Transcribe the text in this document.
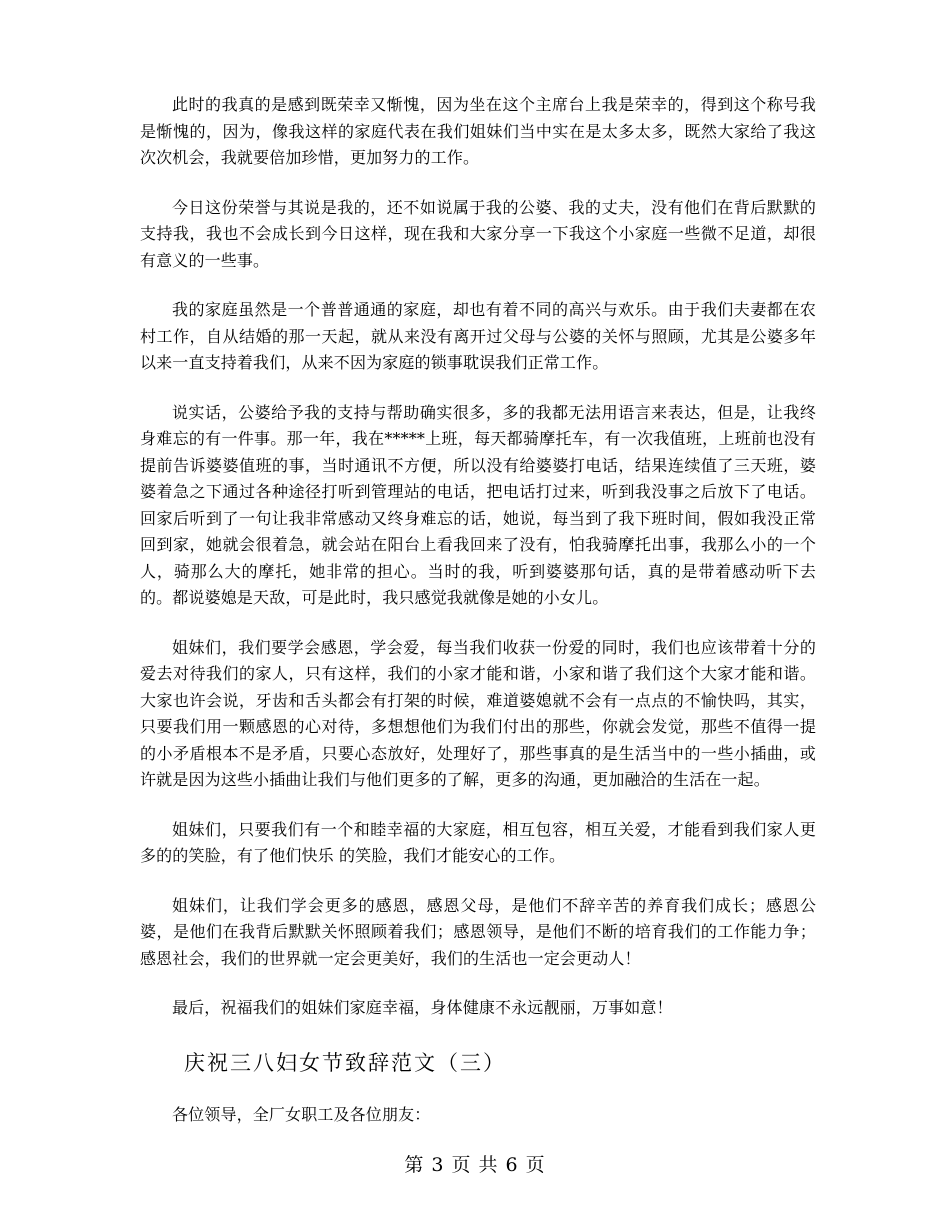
此时的我真的是感到既荣幸又惭愧，因为坐在这个主席台上我是荣幸的，得到这个称号我是惭愧的，因为，像我这样的家庭代表在我们姐妹们当中实在是太多太多，既然大家给了我这次次机会，我就要倍加珍惜，更加努力的工作。

今日这份荣誉与其说是我的，还不如说属于我的公婆、我的丈夫，没有他们在背后默默的支持我，我也不会成长到今日这样，现在我和大家分享一下我这个小家庭一些微不足道，却很有意义的一些事。

我的家庭虽然是一个普普通通的家庭，却也有着不同的高兴与欢乐。由于我们夫妻都在农村工作，自从结婚的那一天起，就从来没有离开过父母与公婆的关怀与照顾，尤其是公婆多年以来一直支持着我们，从来不因为家庭的锁事耽误我们正常工作。

说实话，公婆给予我的支持与帮助确实很多，多的我都无法用语言来表达，但是，让我终身难忘的有一件事。那一年，我在*****上班，每天都骑摩托车，有一次我值班，上班前也没有提前告诉婆婆值班的事，当时通讯不方便，所以没有给婆婆打电话，结果连续值了三天班，婆婆着急之下通过各种途径打听到管理站的电话，把电话打过来，听到我没事之后放下了电话。回家后听到了一句让我非常感动又终身难忘的话，她说，每当到了我下班时间，假如我没正常回到家，她就会很着急，就会站在阳台上看我回来了没有，怕我骑摩托出事，我那么小的一个人，骑那么大的摩托，她非常的担心。当时的我，听到婆婆那句话，真的是带着感动听下去的。都说婆媳是天敌，可是此时，我只感觉我就像是她的小女儿。

姐妹们，我们要学会感恩，学会爱，每当我们收获一份爱的同时，我们也应该带着十分的爱去对待我们的家人，只有这样，我们的小家才能和谐，小家和谐了我们这个大家才能和谐。大家也许会说，牙齿和舌头都会有打架的时候，难道婆媳就不会有一点点的不愉快吗，其实，只要我们用一颗感恩的心对待，多想想他们为我们付出的那些，你就会发觉，那些不值得一提的小矛盾根本不是矛盾，只要心态放好，处理好了，那些事真的是生活当中的一些小插曲，或许就是因为这些小插曲让我们与他们更多的了解，更多的沟通，更加融洽的生活在一起。

姐妹们，只要我们有一个和睦幸福的大家庭，相互包容，相互关爱，才能看到我们家人更多的的笑脸，有了他们快乐 的笑脸，我们才能安心的工作。

姐妹们，让我们学会更多的感恩，感恩父母，是他们不辞辛苦的养育我们成长；感恩公婆，是他们在我背后默默关怀照顾着我们；感恩领导，是他们不断的培育我们的工作能力争；感恩社会，我们的世界就一定会更美好，我们的生活也一定会更动人！

最后，祝福我们的姐妹们家庭幸福，身体健康不永远靓丽，万事如意！

庆祝三八妇女节致辞范文（三）

各位领导，全厂女职工及各位朋友：

第 3 页 共 6 页
